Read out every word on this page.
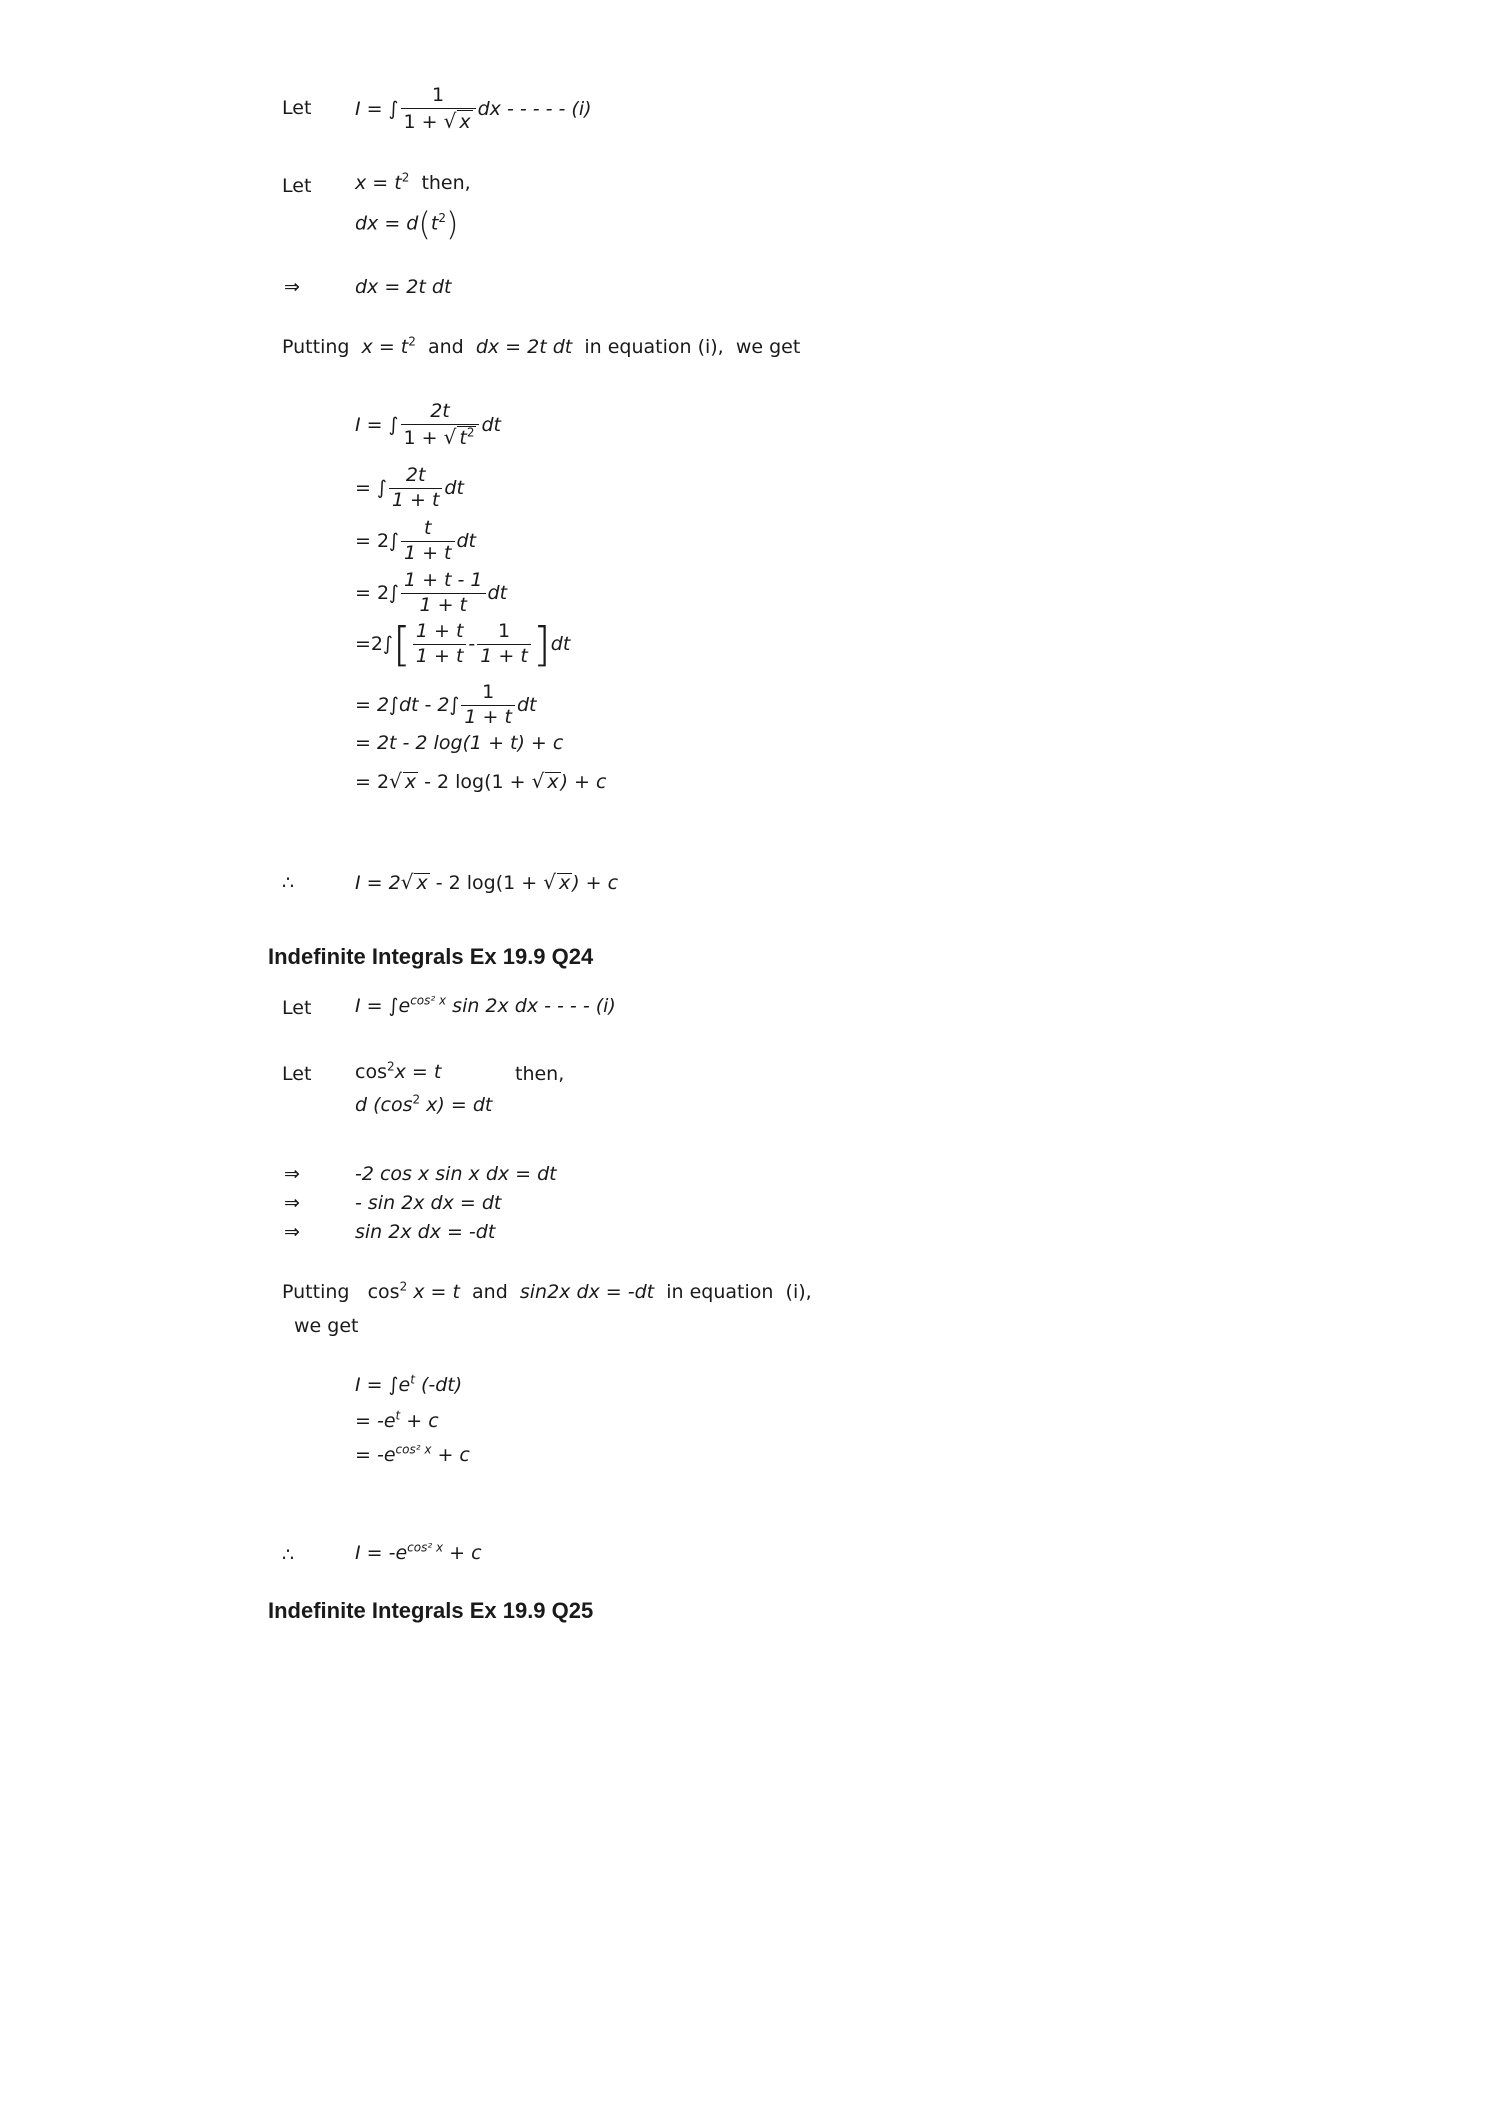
Let I = ∫ $\frac{1}{1 + √ x}$ dx - - - - - (i)
Let $x = t^2$ then,
dx = $d(t^2)$
⇒	dx = 2t dt
Putting $x = t^2$ and dx = 2t dt in equation (i), we get
I = ∫ $\frac{2t}{1 + √ t^2}$ dt
= ∫ $\frac{2t}{1 + t}$ dt
= $2\int \frac{t}{1 + t}$ dt
= $2\int \frac{1 + t - 1}{1 + t}$ dt
$=2\int[ \frac{1 + t}{1 + t} - \frac{1}{1 + t} ]dt$
= $2\int dt - 2\int \frac{1}{1 + t}$ dt
= 2t - 2 log(1 + t) + c
= 2√ x - 2 log(1 + √ x ) + c
∴	I = 2√ x - 2 log(1 + √ x ) + c
Indefinite Integrals Ex 19.9 Q24
Let $I = \int e^{cos^2 x}$ sin 2x dx - - - - (i)
Let $\cos^2x = t$	then,
d ($\cos^2$ x) = dt
⇒	-2 cos x sin x dx = dt
⇒	- sin 2x dx = dt
⇒	sin 2x dx = -dt
Putting $\cos^2 x = t$ and sin2x dx = -dt in equation (i),
we get
$I = \int e^t$ (-dt)
= $-e^t + c$
= $-e^{cos^2 x} + c$
∴	$I = -e^{cos^2 x} + c$
Indefinite Integrals Ex 19.9 Q25
